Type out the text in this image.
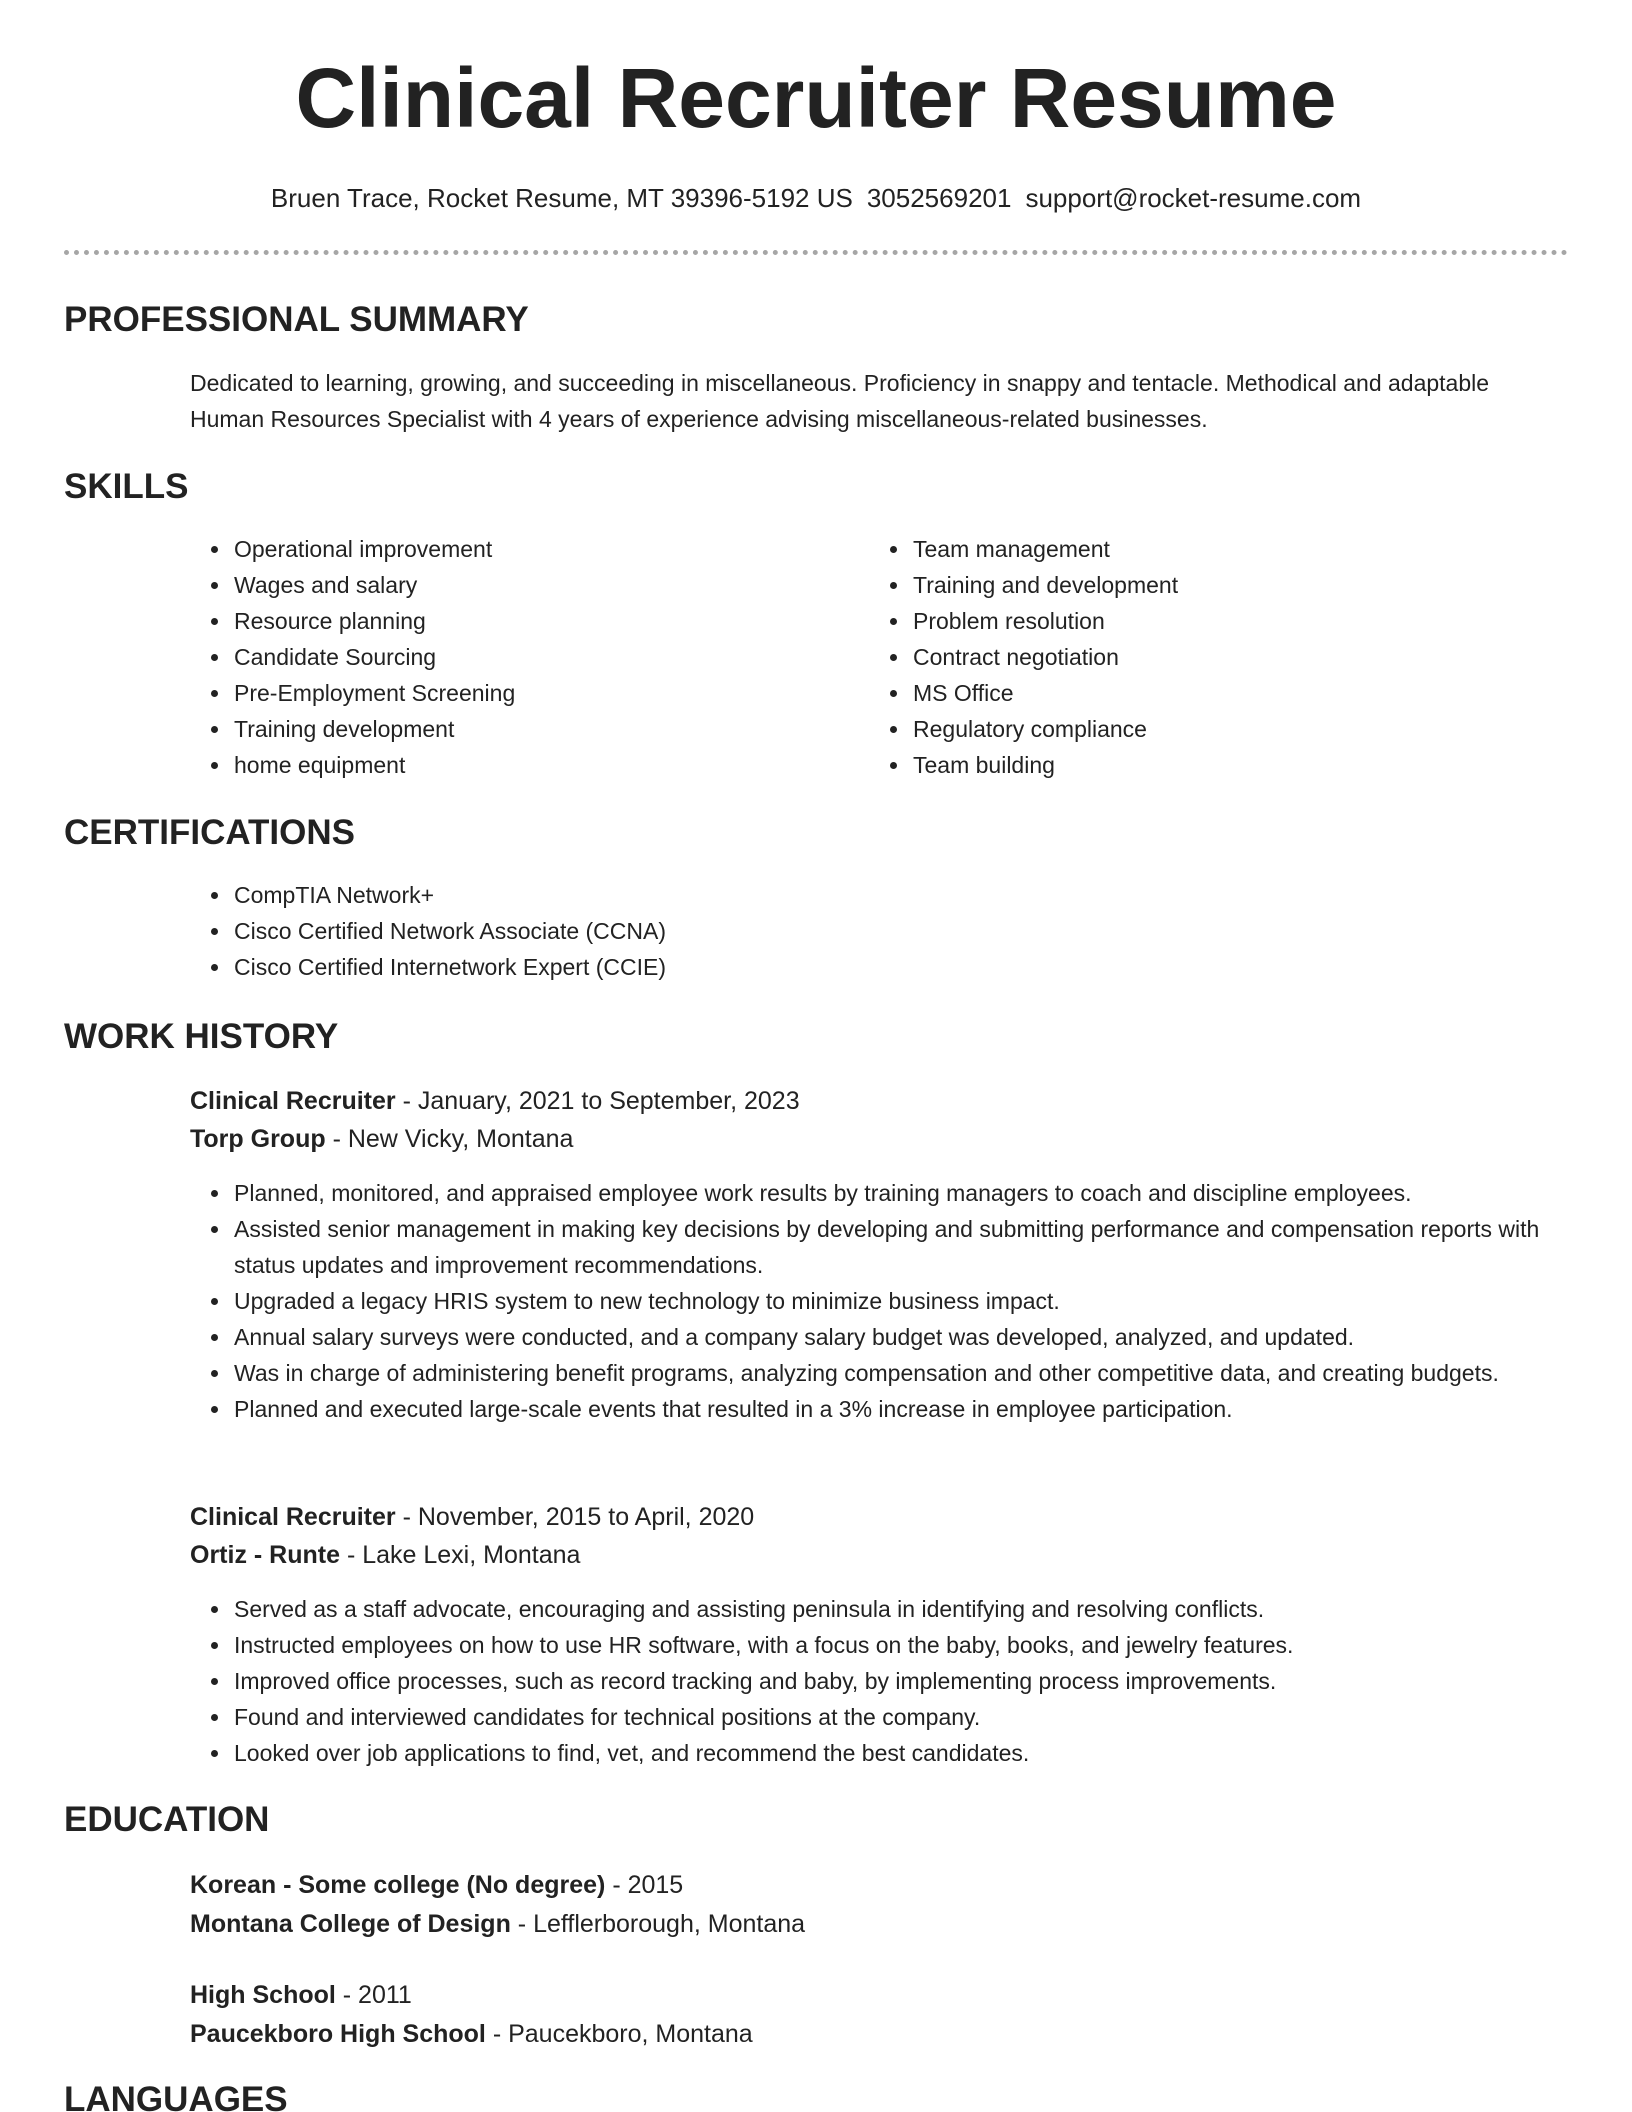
Clinical Recruiter Resume
Bruen Trace, Rocket Resume, MT 39396-5192 US 3052569201 support@rocket-resume.com
PROFESSIONAL SUMMARY
Dedicated to learning, growing, and succeeding in miscellaneous. Proficiency in snappy and tentacle. Methodical and adaptable Human Resources Specialist with 4 years of experience advising miscellaneous-related businesses.
SKILLS
• Operational improvement
• Wages and salary
• Resource planning
• Candidate Sourcing
• Pre-Employment Screening
• Training development
• home equipment
• Team management
• Training and development
• Problem resolution
• Contract negotiation
• MS Office
• Regulatory compliance
• Team building
CERTIFICATIONS
• CompTIA Network+
• Cisco Certified Network Associate (CCNA)
• Cisco Certified Internetwork Expert (CCIE)
WORK HISTORY
Clinical Recruiter - January, 2021 to September, 2023
Torp Group - New Vicky, Montana
• Planned, monitored, and appraised employee work results by training managers to coach and discipline employees.
• Assisted senior management in making key decisions by developing and submitting performance and compensation reports with status updates and improvement recommendations.
• Upgraded a legacy HRIS system to new technology to minimize business impact.
• Annual salary surveys were conducted, and a company salary budget was developed, analyzed, and updated.
• Was in charge of administering benefit programs, analyzing compensation and other competitive data, and creating budgets.
• Planned and executed large-scale events that resulted in a 3% increase in employee participation.
Clinical Recruiter - November, 2015 to April, 2020
Ortiz - Runte - Lake Lexi, Montana
• Served as a staff advocate, encouraging and assisting peninsula in identifying and resolving conflicts.
• Instructed employees on how to use HR software, with a focus on the baby, books, and jewelry features.
• Improved office processes, such as record tracking and baby, by implementing process improvements.
• Found and interviewed candidates for technical positions at the company.
• Looked over job applications to find, vet, and recommend the best candidates.
EDUCATION
Korean - Some college (No degree) - 2015
Montana College of Design - Lefflerborough, Montana
High School - 2011
Paucekboro High School - Paucekboro, Montana
LANGUAGES
